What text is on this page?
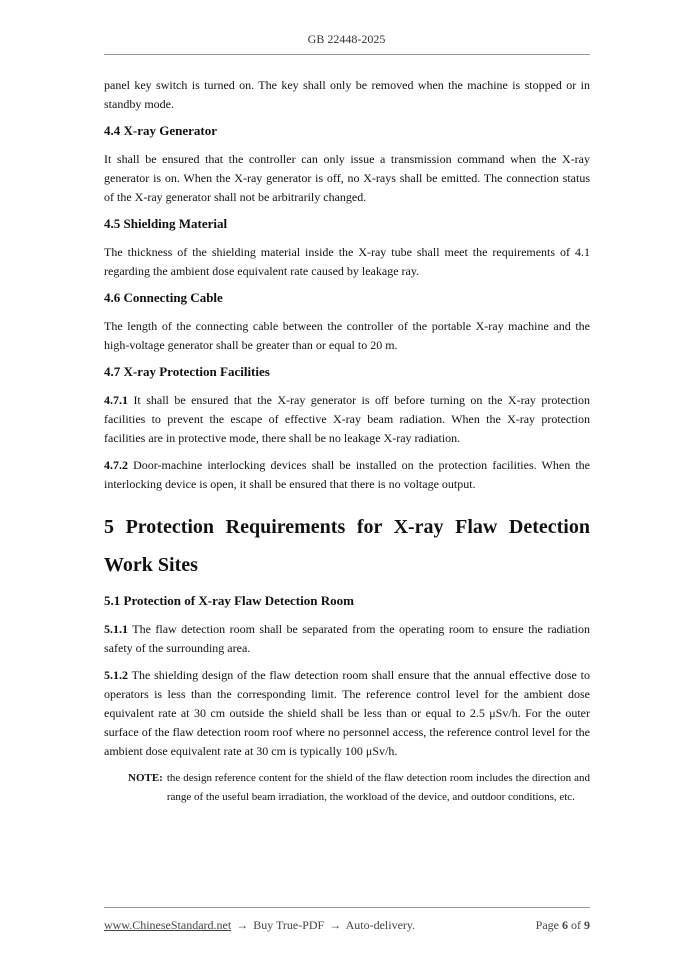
GB 22448-2025

panel key switch is turned on. The key shall only be removed when the machine is stopped or in standby mode.

4.4 X-ray Generator

It shall be ensured that the controller can only issue a transmission command when the X-ray generator is on. When the X-ray generator is off, no X-rays shall be emitted. The connection status of the X-ray generator shall not be arbitrarily changed.

4.5 Shielding Material

The thickness of the shielding material inside the X-ray tube shall meet the requirements of 4.1 regarding the ambient dose equivalent rate caused by leakage ray.

4.6 Connecting Cable

The length of the connecting cable between the controller of the portable X-ray machine and the high-voltage generator shall be greater than or equal to 20 m.

4.7 X-ray Protection Facilities

4.7.1 It shall be ensured that the X-ray generator is off before turning on the X-ray protection facilities to prevent the escape of effective X-ray beam radiation. When the X-ray protection facilities are in protective mode, there shall be no leakage X-ray radiation.

4.7.2 Door-machine interlocking devices shall be installed on the protection facilities. When the interlocking device is open, it shall be ensured that there is no voltage output.

5 Protection Requirements for X-ray Flaw Detection Work Sites
5.1 Protection of X-ray Flaw Detection Room

5.1.1 The flaw detection room shall be separated from the operating room to ensure the radiation safety of the surrounding area.

5.1.2 The shielding design of the flaw detection room shall ensure that the annual effective dose to operators is less than the corresponding limit. The reference control level for the ambient dose equivalent rate at 30 cm outside the shield shall be less than or equal to 2.5 μSv/h. For the outer surface of the flaw detection room roof where no personnel access, the reference control level for the ambient dose equivalent rate at 30 cm is typically 100 μSv/h.

NOTE: the design reference content for the shield of the flaw detection room includes the direction and range of the useful beam irradiation, the workload of the device, and outdoor conditions, etc.
www.ChineseStandard.net → Buy True-PDF → Auto-delivery.	Page 6 of 9
